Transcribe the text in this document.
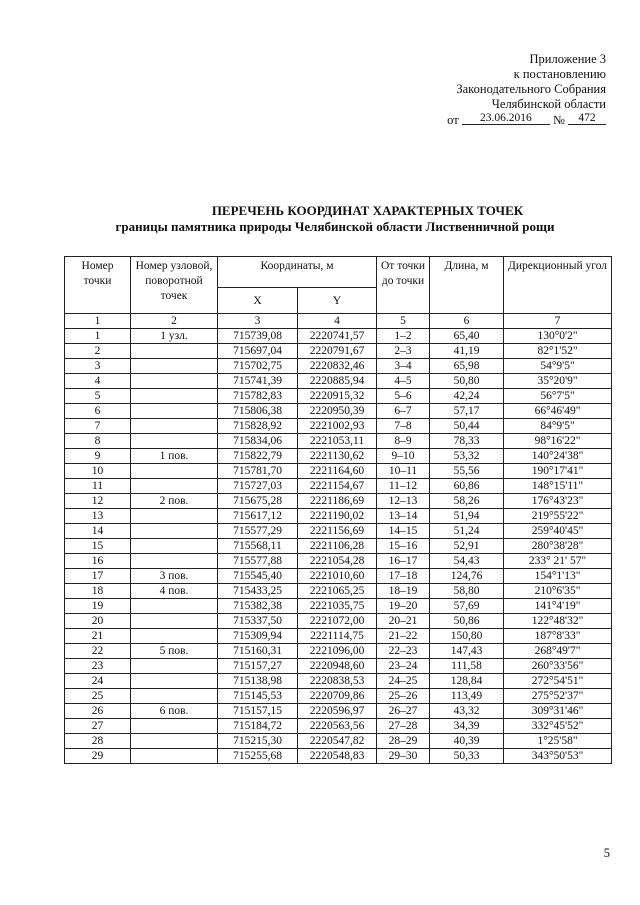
Приложение 3
к постановлению
Законодательного Собрания
Челябинской области
от 23.06.2016 № 472
ПЕРЕЧЕНЬ КООРДИНАТ ХАРАКТЕРНЫХ ТОЧЕК
границы памятника природы Челябинской области Лиственничной рощи
Номер точки	Номер узловой, поворотной точек	Координаты, м		От точки до точки	Длина, м	Дирекционный угол
		X	Y			
1	2	3	4	5	6	7
1	1 узл.	715739,08	2220741,57	1–2	65,40	130°0'2"
2		715697,04	2220791,67	2–3	41,19	82°1'52"
3		715702,75	2220832,46	3–4	65,98	54°9'5"
4		715741,39	2220885,94	4–5	50,80	35°20'9"
5		715782,83	2220915,32	5–6	42,24	56°7'5"
6		715806,38	2220950,39	6–7	57,17	66°46'49"
7		715828,92	2221002,93	7–8	50,44	84°9'5"
8		715834,06	2221053,11	8–9	78,33	98°16'22"
9	1 пов.	715822,79	2221130,62	9–10	53,32	140°24'38"
10		715781,70	2221164,60	10–11	55,56	190°17'41"
11		715727,03	2221154,67	11–12	60,86	148°15'11"
12	2 пов.	715675,28	2221186,69	12–13	58,26	176°43'23"
13		715617,12	2221190,02	13–14	51,94	219°55'22"
14		715577,29	2221156,69	14–15	51,24	259°40'45"
15		715568,11	2221106,28	15–16	52,91	280°38'28"
16		715577,88	2221054,28	16–17	54,43	233° 21' 57"
17	3 пов.	715545,40	2221010,60	17–18	124,76	154°1'13"
18	4 пов.	715433,25	2221065,25	18–19	58,80	210°6'35"
19		715382,38	2221035,75	19–20	57,69	141°4'19"
20		715337,50	2221072,00	20–21	50,86	122°48'32"
21		715309,94	2221114,75	21–22	150,80	187°8'33"
22	5 пов.	715160,31	2221096,00	22–23	147,43	268°49'7"
23		715157,27	2220948,60	23–24	111,58	260°33'56"
24		715138,98	2220838,53	24–25	128,84	272°54'51"
25		715145,53	2220709,86	25–26	113,49	275°52'37"
26	6 пов.	715157,15	2220596,97	26–27	43,32	309°31'46"
27		715184,72	2220563,56	27–28	34,39	332°45'52"
28		715215,30	2220547,82	28–29	40,39	1°25'58"
29		715255,68	2220548,83	29–30	50,33	343°50'53"
5
